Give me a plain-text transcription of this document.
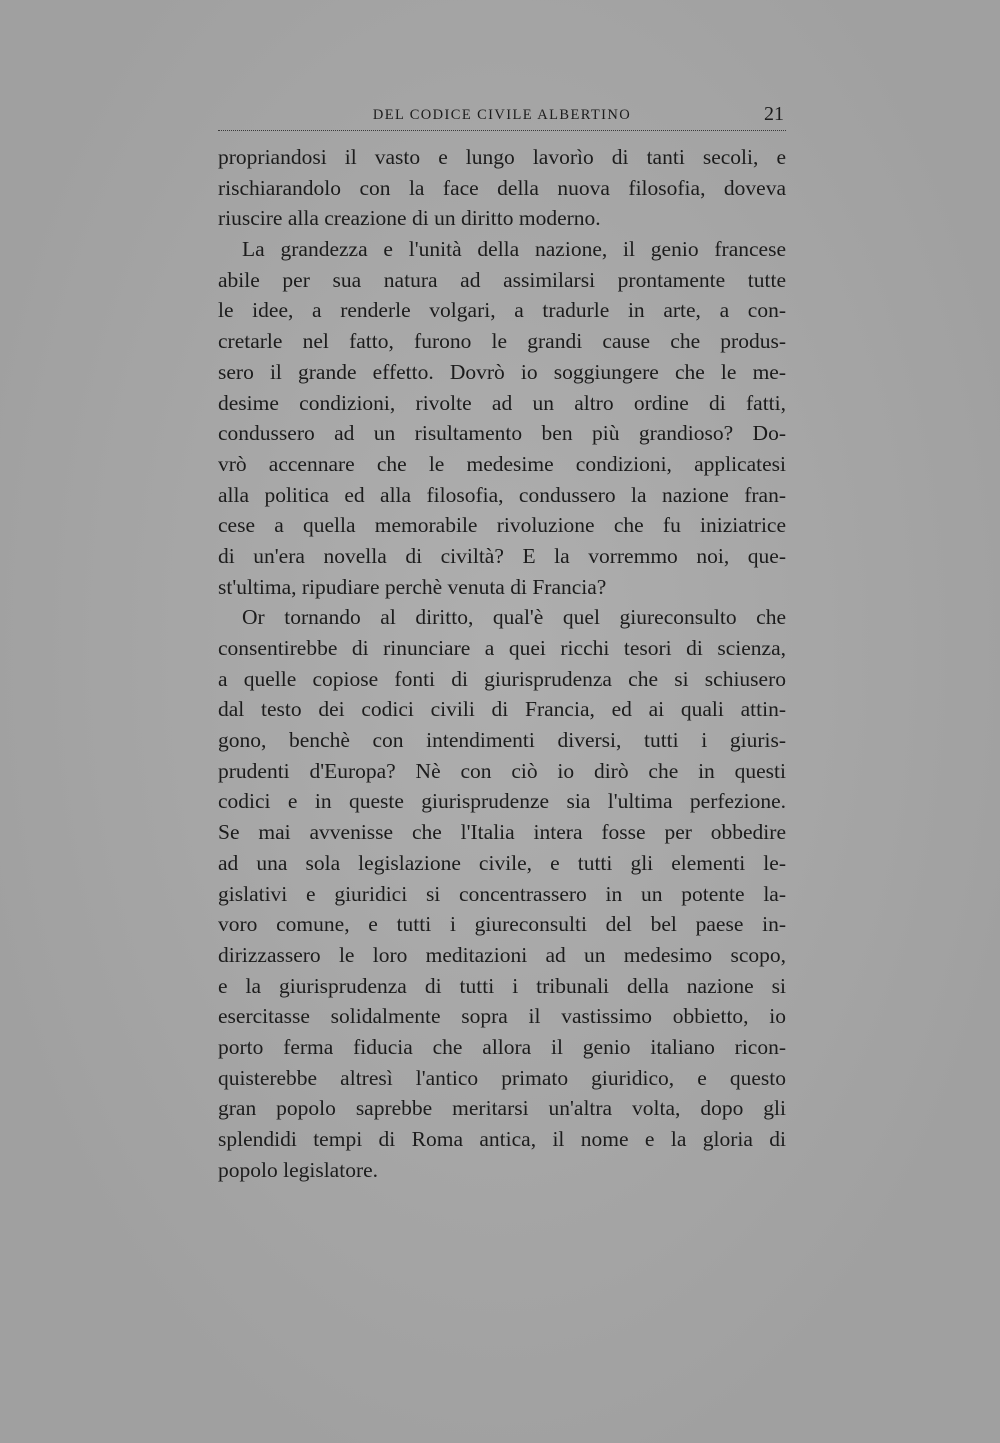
DEL CODICE CIVILE ALBERTINO	21
propriandosi il vasto e lungo lavorìo di tanti secoli, e
rischiarandolo con la face della nuova filosofia, doveva
riuscire alla creazione di un diritto moderno.
La grandezza e l'unità della nazione, il genio francese
abile per sua natura ad assimilarsi prontamente tutte
le idee, a renderle volgari, a tradurle in arte, a con-
cretarle nel fatto, furono le grandi cause che produs-
sero il grande effetto. Dovrò io soggiungere che le me-
desime condizioni, rivolte ad un altro ordine di fatti,
condussero ad un risultamento ben più grandioso? Do-
vrò accennare che le medesime condizioni, applicatesi
alla politica ed alla filosofia, condussero la nazione fran-
cese a quella memorabile rivoluzione che fu iniziatrice
di un'era novella di civiltà? E la vorremmo noi, que-
st'ultima, ripudiare perchè venuta di Francia?
Or tornando al diritto, qual'è quel giureconsulto che
consentirebbe di rinunciare a quei ricchi tesori di scienza,
a quelle copiose fonti di giurisprudenza che si schiusero
dal testo dei codici civili di Francia, ed ai quali attin-
gono, benchè con intendimenti diversi, tutti i giuris-
prudenti d'Europa? Nè con ciò io dirò che in questi
codici e in queste giurisprudenze sia l'ultima perfezione.
Se mai avvenisse che l'Italia intera fosse per obbedire
ad una sola legislazione civile, e tutti gli elementi le-
gislativi e giuridici si concentrassero in un potente la-
voro comune, e tutti i giureconsulti del bel paese in-
dirizzassero le loro meditazioni ad un medesimo scopo,
e la giurisprudenza di tutti i tribunali della nazione si
esercitasse solidalmente sopra il vastissimo obbietto, io
porto ferma fiducia che allora il genio italiano ricon-
quisterebbe altresì l'antico primato giuridico, e questo
gran popolo saprebbe meritarsi un'altra volta, dopo gli
splendidi tempi di Roma antica, il nome e la gloria di
popolo legislatore.
